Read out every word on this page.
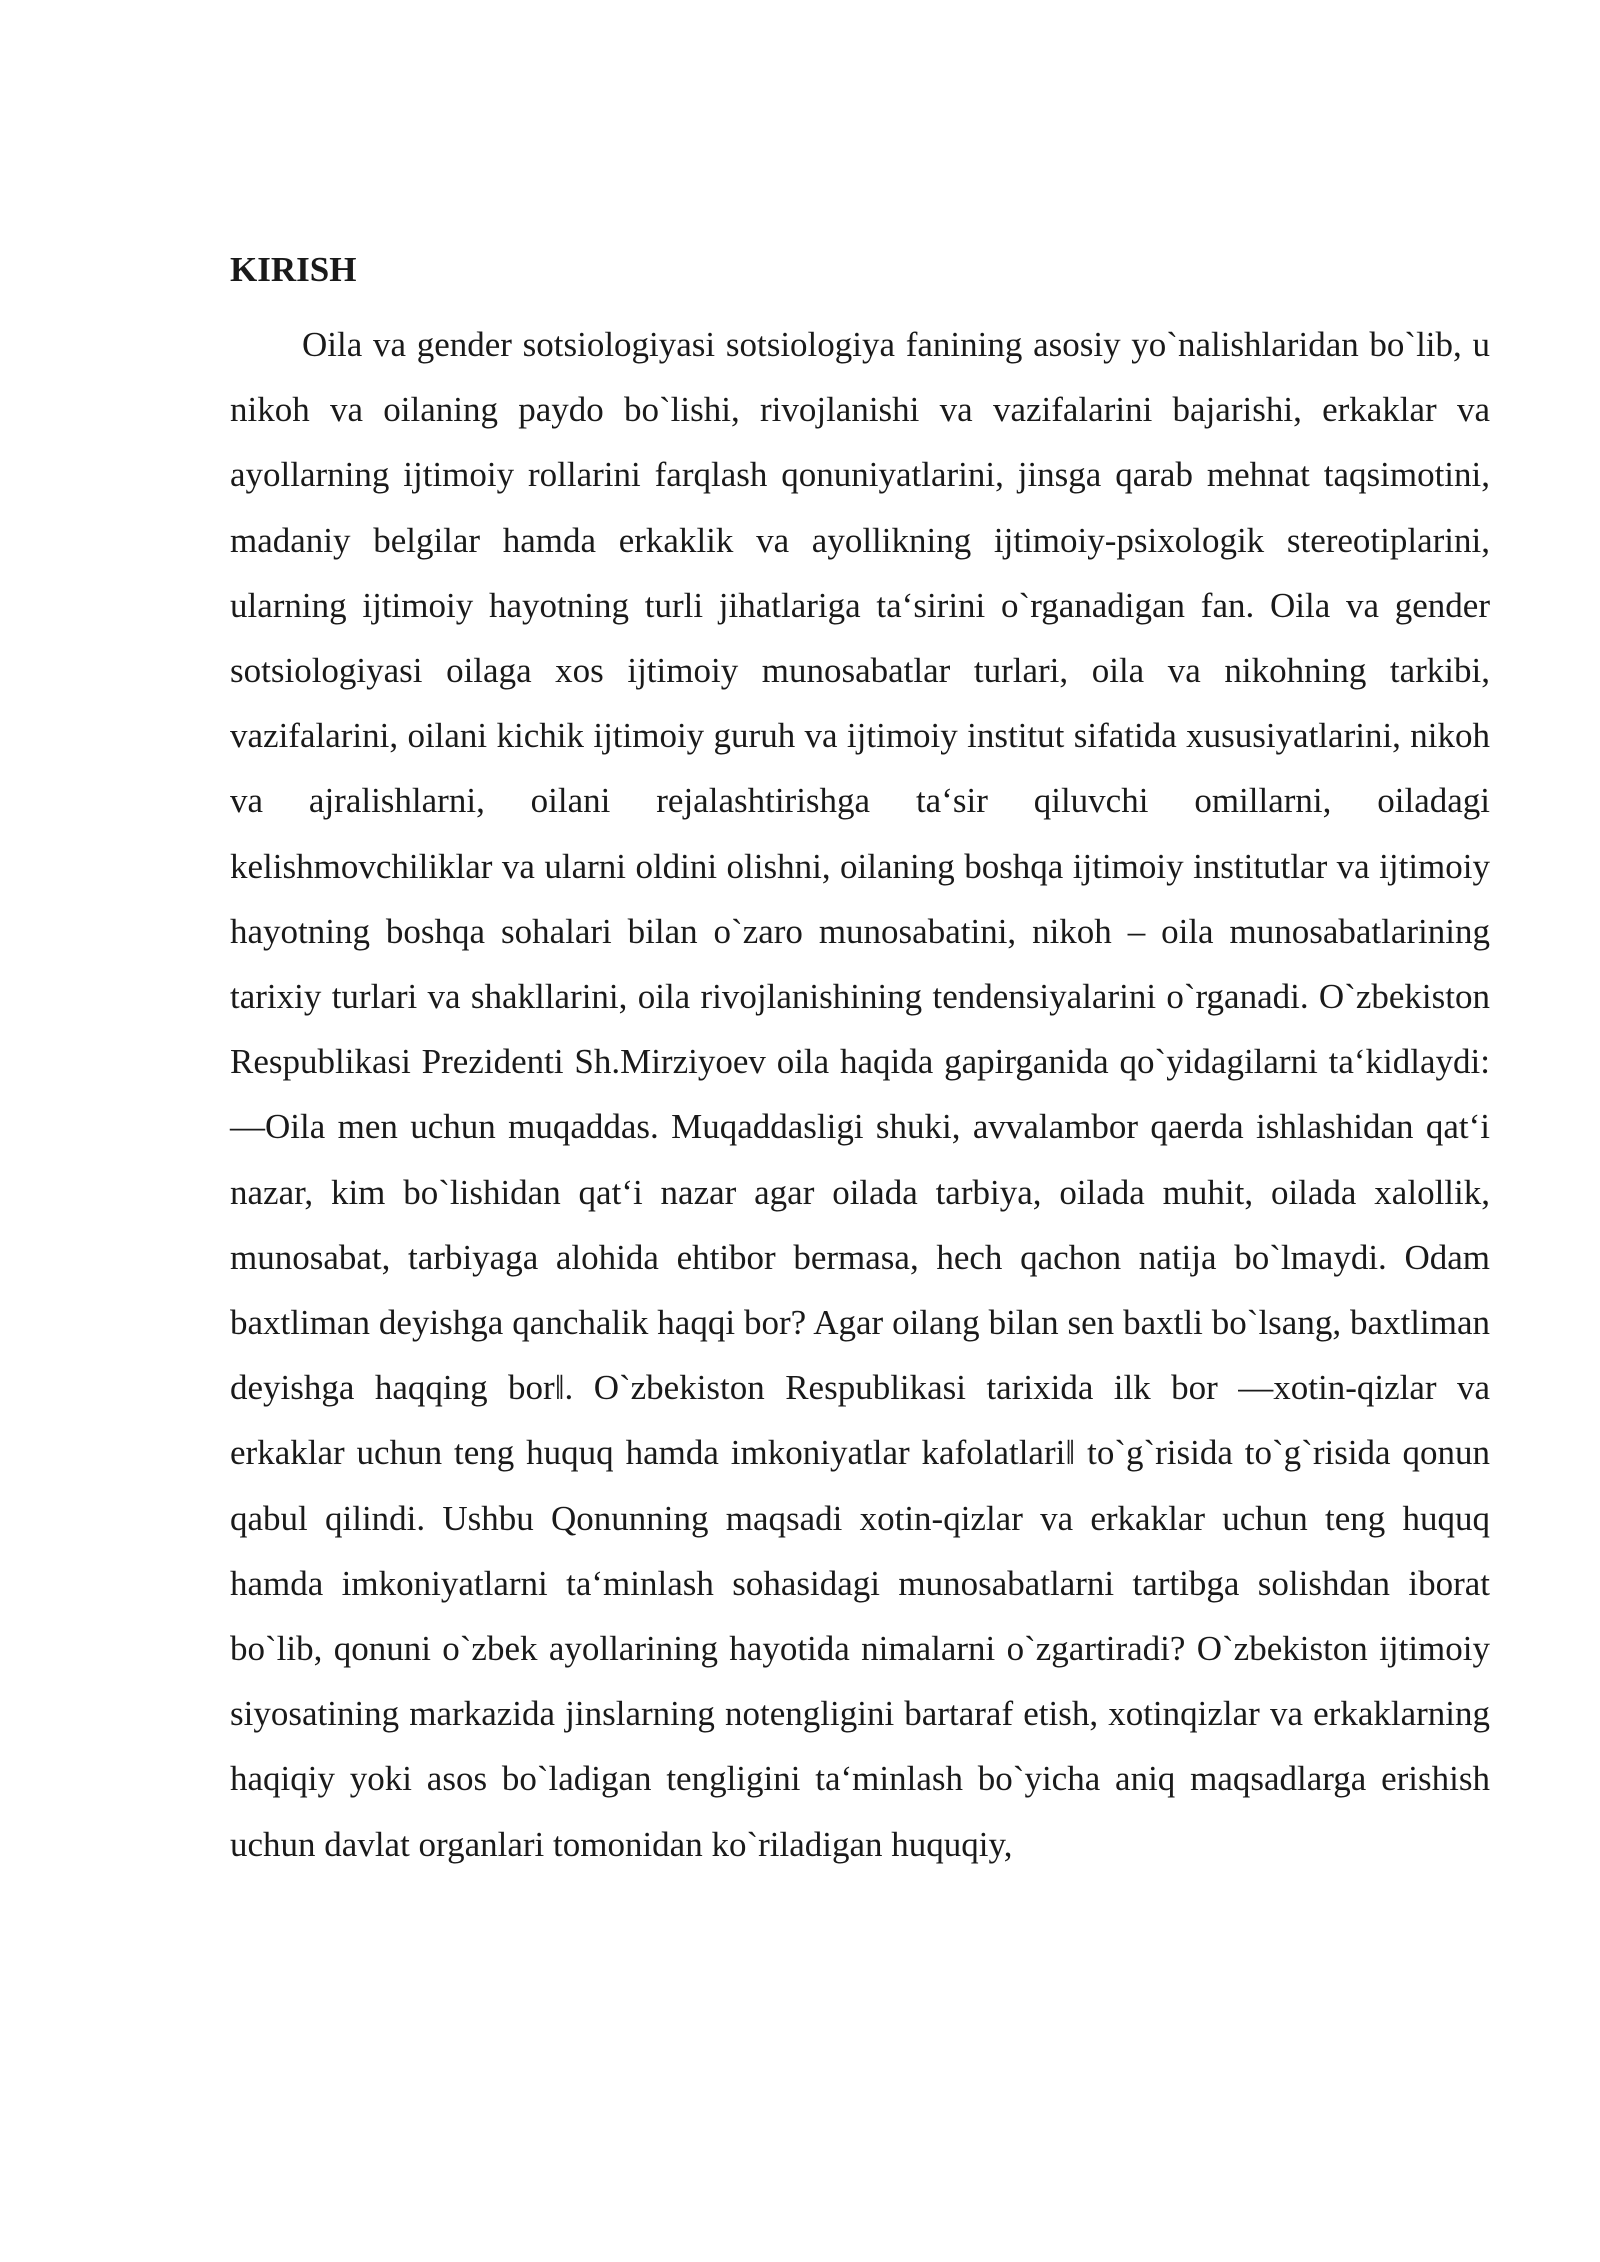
KIRISH

Oila va gender sotsiologiyasi sotsiologiya fanining asosiy yo`nalishlaridan bo`lib, u nikoh va oilaning paydo bo`lishi, rivojlanishi va vazifalarini bajarishi, erkaklar va ayollarning ijtimoiy rollarini farqlash qonuniyatlarini, jinsga qarab mehnat taqsimotini, madaniy belgilar hamda erkaklik va ayollikning ijtimoiy-psixologik stereotiplarini, ularning ijtimoiy hayotning turli jihatlariga ta‘sirini o`rganadigan fan. Oila va gender sotsiologiyasi oilaga xos ijtimoiy munosabatlar turlari, oila va nikohning tarkibi, vazifalarini, oilani kichik ijtimoiy guruh va ijtimoiy institut sifatida xususiyatlarini, nikoh va ajralishlarni, oilani rejalashtirishga ta‘sir qiluvchi omillarni, oiladagi kelishmovchiliklar va ularni oldini olishni, oilaning boshqa ijtimoiy institutlar va ijtimoiy hayotning boshqa sohalari bilan o`zaro munosabatini, nikoh – oila munosabatlarining tarixiy turlari va shakllarini, oila rivojlanishining tendensiyalarini o`rganadi. O`zbekiston Respublikasi Prezidenti Sh.Mirziyoev oila haqida gapirganida qo`yidagilarni ta‘kidlaydi: ―Oila men uchun muqaddas. Muqaddasligi shuki, avvalambor qaerda ishlashidan qat‘i nazar, kim bo`lishidan qat‘i nazar agar oilada tarbiya, oilada muhit, oilada xalollik, munosabat, tarbiyaga alohida ehtibor bermasa, hech qachon natija bo`lmaydi. Odam baxtliman deyishga qanchalik haqqi bor? Agar oilang bilan sen baxtli bo`lsang, baxtliman deyishga haqqing bor‖. O`zbekiston Respublikasi tarixida ilk bor ―xotin-qizlar va erkaklar uchun teng huquq hamda imkoniyatlar kafolatlari‖ to`g`risida to`g`risida qonun qabul qilindi. Ushbu Qonunning maqsadi xotin-qizlar va erkaklar uchun teng huquq hamda imkoniyatlarni ta‘minlash sohasidagi munosabatlarni tartibga solishdan iborat bo`lib, qonuni o`zbek ayollarining hayotida nimalarni o`zgartiradi? O`zbekiston ijtimoiy siyosatining markazida jinslarning notengligini bartaraf etish, xotinqizlar va erkaklarning haqiqiy yoki asos bo`ladigan tengligini ta‘minlash bo`yicha aniq maqsadlarga erishish uchun davlat organlari tomonidan ko`riladigan huquqiy,
